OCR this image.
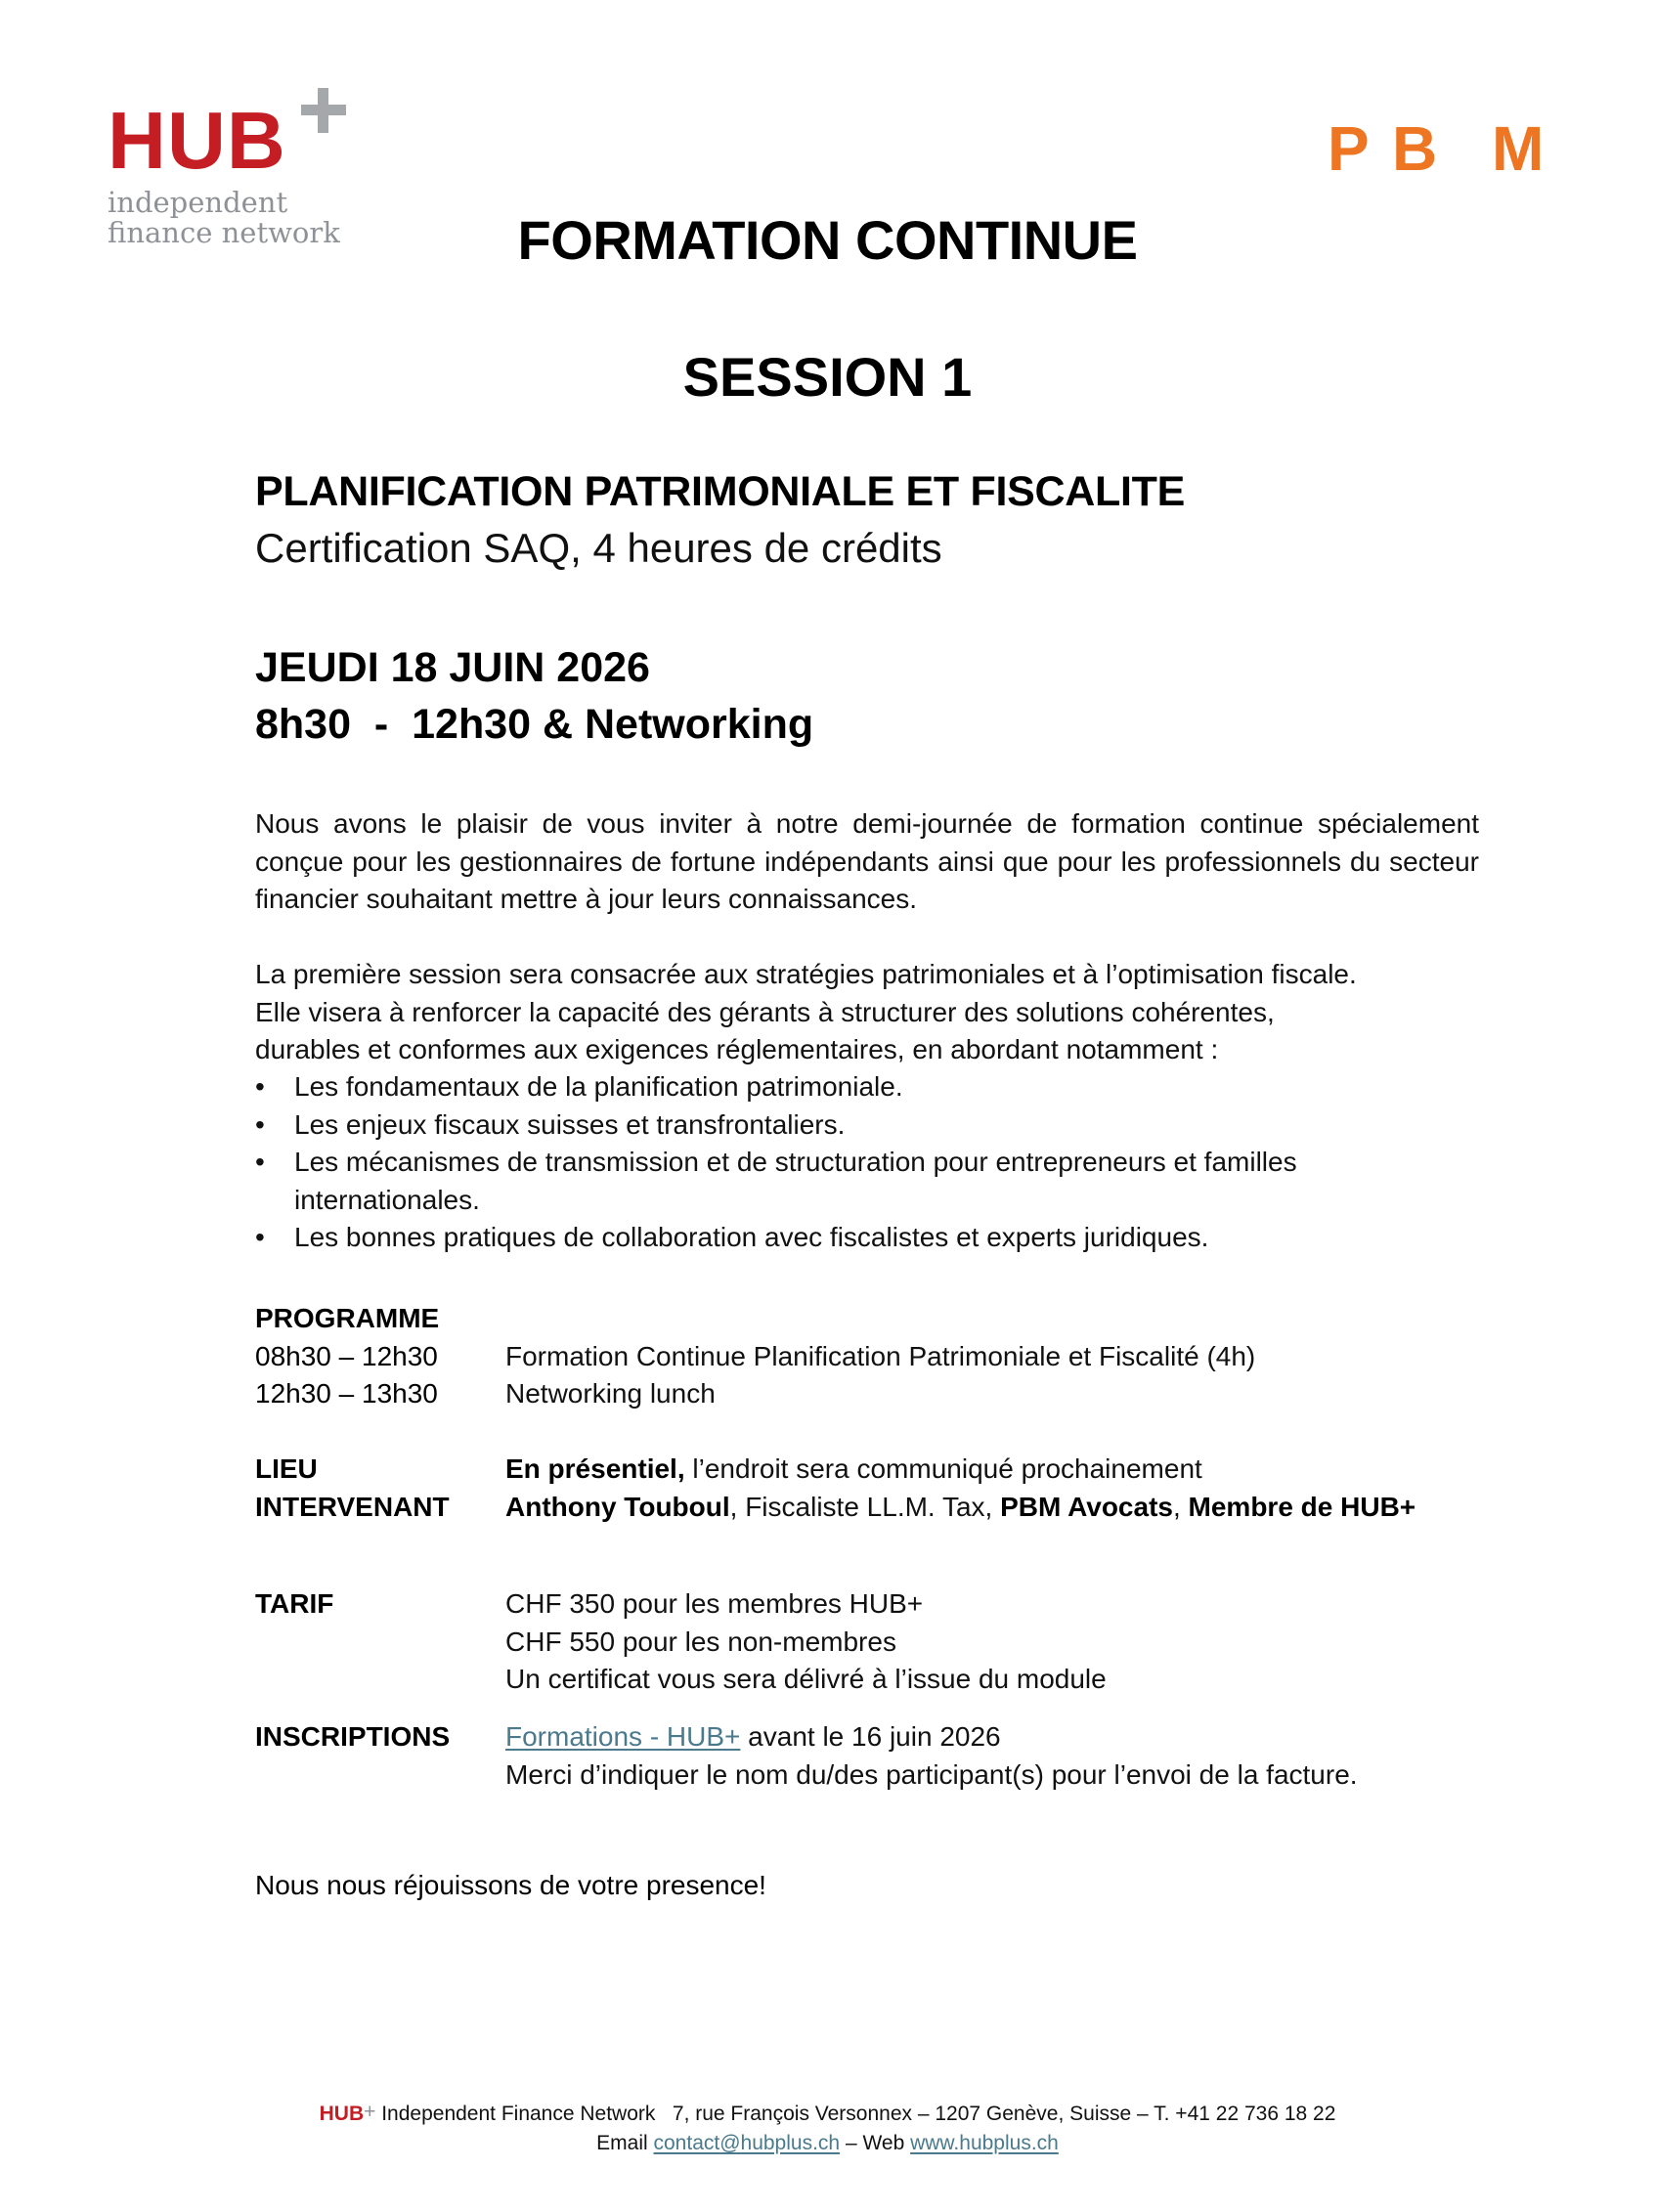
HUB
independent
finance network
P B M
FORMATION CONTINUE
SESSION 1
PLANIFICATION PATRIMONIALE ET FISCALITE
Certification SAQ, 4 heures de crédits
JEUDI 18 JUIN 2026
8h30  -  12h30 & Networking

Nous avons le plaisir de vous inviter à notre demi-journée de formation continue spécialement conçue pour les gestionnaires de fortune indépendants ainsi que pour les professionnels du secteur financier souhaitant mettre à jour leurs connaissances.

La première session sera consacrée aux stratégies patrimoniales et à l’optimisation fiscale.
Elle visera à renforcer la capacité des gérants à structurer des solutions cohérentes,
durables et conformes aux exigences réglementaires, en abordant notamment :
• Les fondamentaux de la planification patrimoniale.
• Les enjeux fiscaux suisses et transfrontaliers.
• Les mécanismes de transmission et de structuration pour entrepreneurs et familles internationales.
• Les bonnes pratiques de collaboration avec fiscalistes et experts juridiques.
PROGRAMME
08h30 – 12h30 Formation Continue Planification Patrimoniale et Fiscalité (4h)
12h30 – 13h30 Networking lunch
LIEU	En présentiel, l’endroit sera communiqué prochainement
INTERVENANT Anthony Touboul, Fiscaliste LL.M. Tax, PBM Avocats, Membre de HUB+
TARIF	CHF 350 pour les membres HUB+
CHF 550 pour les non-membres
Un certificat vous sera délivré à l’issue du module
INSCRIPTIONS Formations - HUB+ avant le 16 juin 2026
Merci d’indiquer le nom du/des participant(s) pour l’envoi de la facture.

Nous nous réjouissons de votre presence!

HUB+ Independent Finance Network   7, rue François Versonnex – 1207 Genève, Suisse – T. +41 22 736 18 22
Email contact@hubplus.ch – Web www.hubplus.ch
